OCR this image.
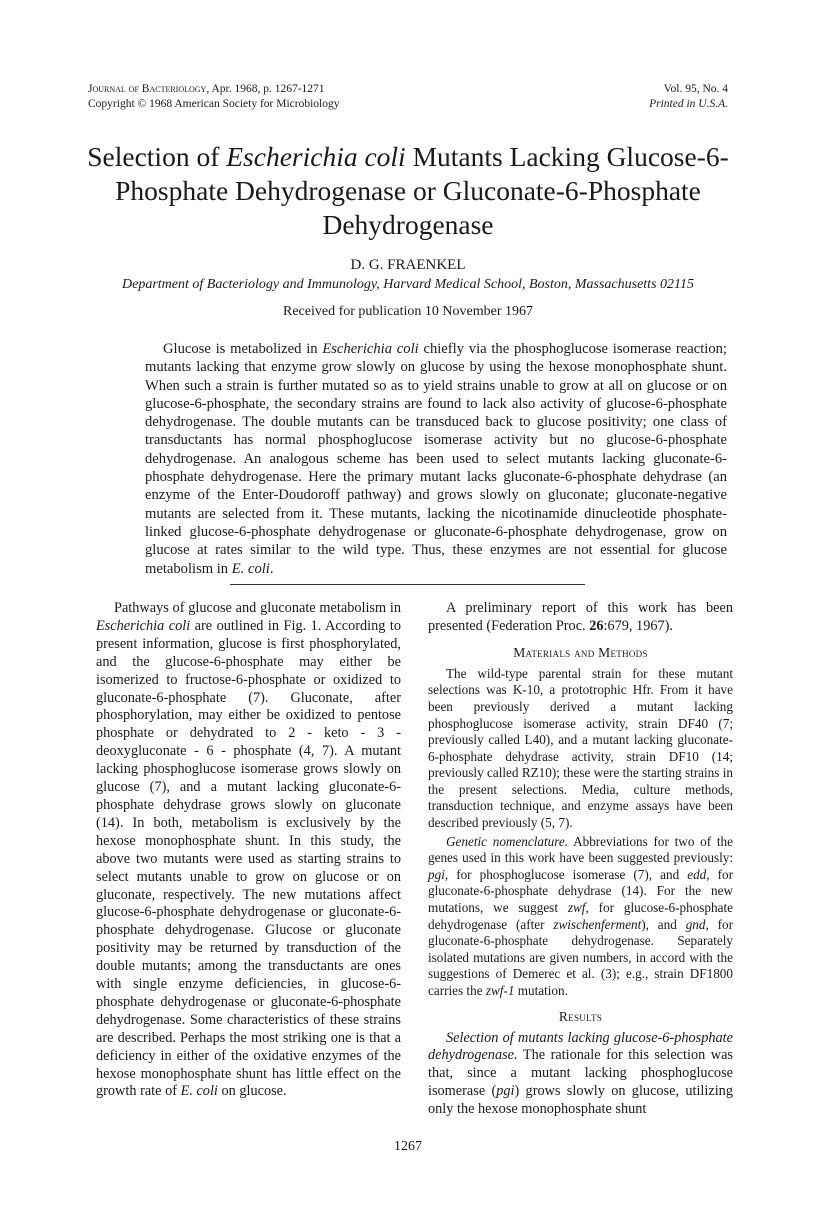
Journal of Bacteriology, Apr. 1968, p. 1267-1271
Copyright © 1968 American Society for Microbiology
Vol. 95, No. 4
Printed in U.S.A.
Selection of Escherichia coli Mutants Lacking Glucose-6-Phosphate Dehydrogenase or Gluconate-6-Phosphate Dehydrogenase
D. G. FRAENKEL
Department of Bacteriology and Immunology, Harvard Medical School, Boston, Massachusetts 02115
Received for publication 10 November 1967

Glucose is metabolized in Escherichia coli chiefly via the phosphoglucose isomerase reaction; mutants lacking that enzyme grow slowly on glucose by using the hexose monophosphate shunt. When such a strain is further mutated so as to yield strains unable to grow at all on glucose or on glucose-6-phosphate, the secondary strains are found to lack also activity of glucose-6-phosphate dehydrogenase. The double mutants can be transduced back to glucose positivity; one class of transductants has normal phosphoglucose isomerase activity but no glucose-6-phosphate dehydrogenase. An analogous scheme has been used to select mutants lacking gluconate-6-phosphate dehydrogenase. Here the primary mutant lacks gluconate-6-phosphate dehydrase (an enzyme of the Enter-Doudoroff pathway) and grows slowly on gluconate; gluconate-negative mutants are selected from it. These mutants, lacking the nicotinamide dinucleotide phosphate-linked glucose-6-phosphate dehydrogenase or gluconate-6-phosphate dehydrogenase, grow on glucose at rates similar to the wild type. Thus, these enzymes are not essential for glucose metabolism in E. coli.

Pathways of glucose and gluconate metabolism in Escherichia coli are outlined in Fig. 1. According to present information, glucose is first phosphorylated, and the glucose-6-phosphate may either be isomerized to fructose-6-phosphate or oxidized to gluconate-6-phosphate (7). Gluconate, after phosphorylation, may either be oxidized to pentose phosphate or dehydrated to 2 - keto - 3 - deoxygluconate - 6 - phosphate (4, 7). A mutant lacking phosphoglucose isomerase grows slowly on glucose (7), and a mutant lacking gluconate-6-phosphate dehydrase grows slowly on gluconate (14). In both, metabolism is exclusively by the hexose monophosphate shunt. In this study, the above two mutants were used as starting strains to select mutants unable to grow on glucose or on gluconate, respectively. The new mutations affect glucose-6-phosphate dehydrogenase or gluconate-6-phosphate dehydrogenase. Glucose or gluconate positivity may be returned by transduction of the double mutants; among the transductants are ones with single enzyme deficiencies, in glucose-6-phosphate dehydrogenase or gluconate-6-phosphate dehydrogenase. Some characteristics of these strains are described. Perhaps the most striking one is that a deficiency in either of the oxidative enzymes of the hexose monophosphate shunt has little effect on the growth rate of E. coli on glucose.

A preliminary report of this work has been presented (Federation Proc. 26:679, 1967).

Materials and Methods

The wild-type parental strain for these mutant selections was K-10, a prototrophic Hfr. From it have been previously derived a mutant lacking phosphoglucose isomerase activity, strain DF40 (7; previously called L40), and a mutant lacking gluconate-6-phosphate dehydrase activity, strain DF10 (14; previously called RZ10); these were the starting strains in the present selections. Media, culture methods, transduction technique, and enzyme assays have been described previously (5, 7).

Genetic nomenclature. Abbreviations for two of the genes used in this work have been suggested previously: pgi, for phosphoglucose isomerase (7), and edd, for gluconate-6-phosphate dehydrase (14). For the new mutations, we suggest zwf, for glucose-6-phosphate dehydrogenase (after zwischenferment), and gnd, for gluconate-6-phosphate dehydrogenase. Separately isolated mutations are given numbers, in accord with the suggestions of Demerec et al. (3); e.g., strain DF1800 carries the zwf-1 mutation.

Results

Selection of mutants lacking glucose-6-phosphate dehydrogenase. The rationale for this selection was that, since a mutant lacking phosphoglucose isomerase (pgi) grows slowly on glucose, utilizing only the hexose monophosphate shunt

1267
